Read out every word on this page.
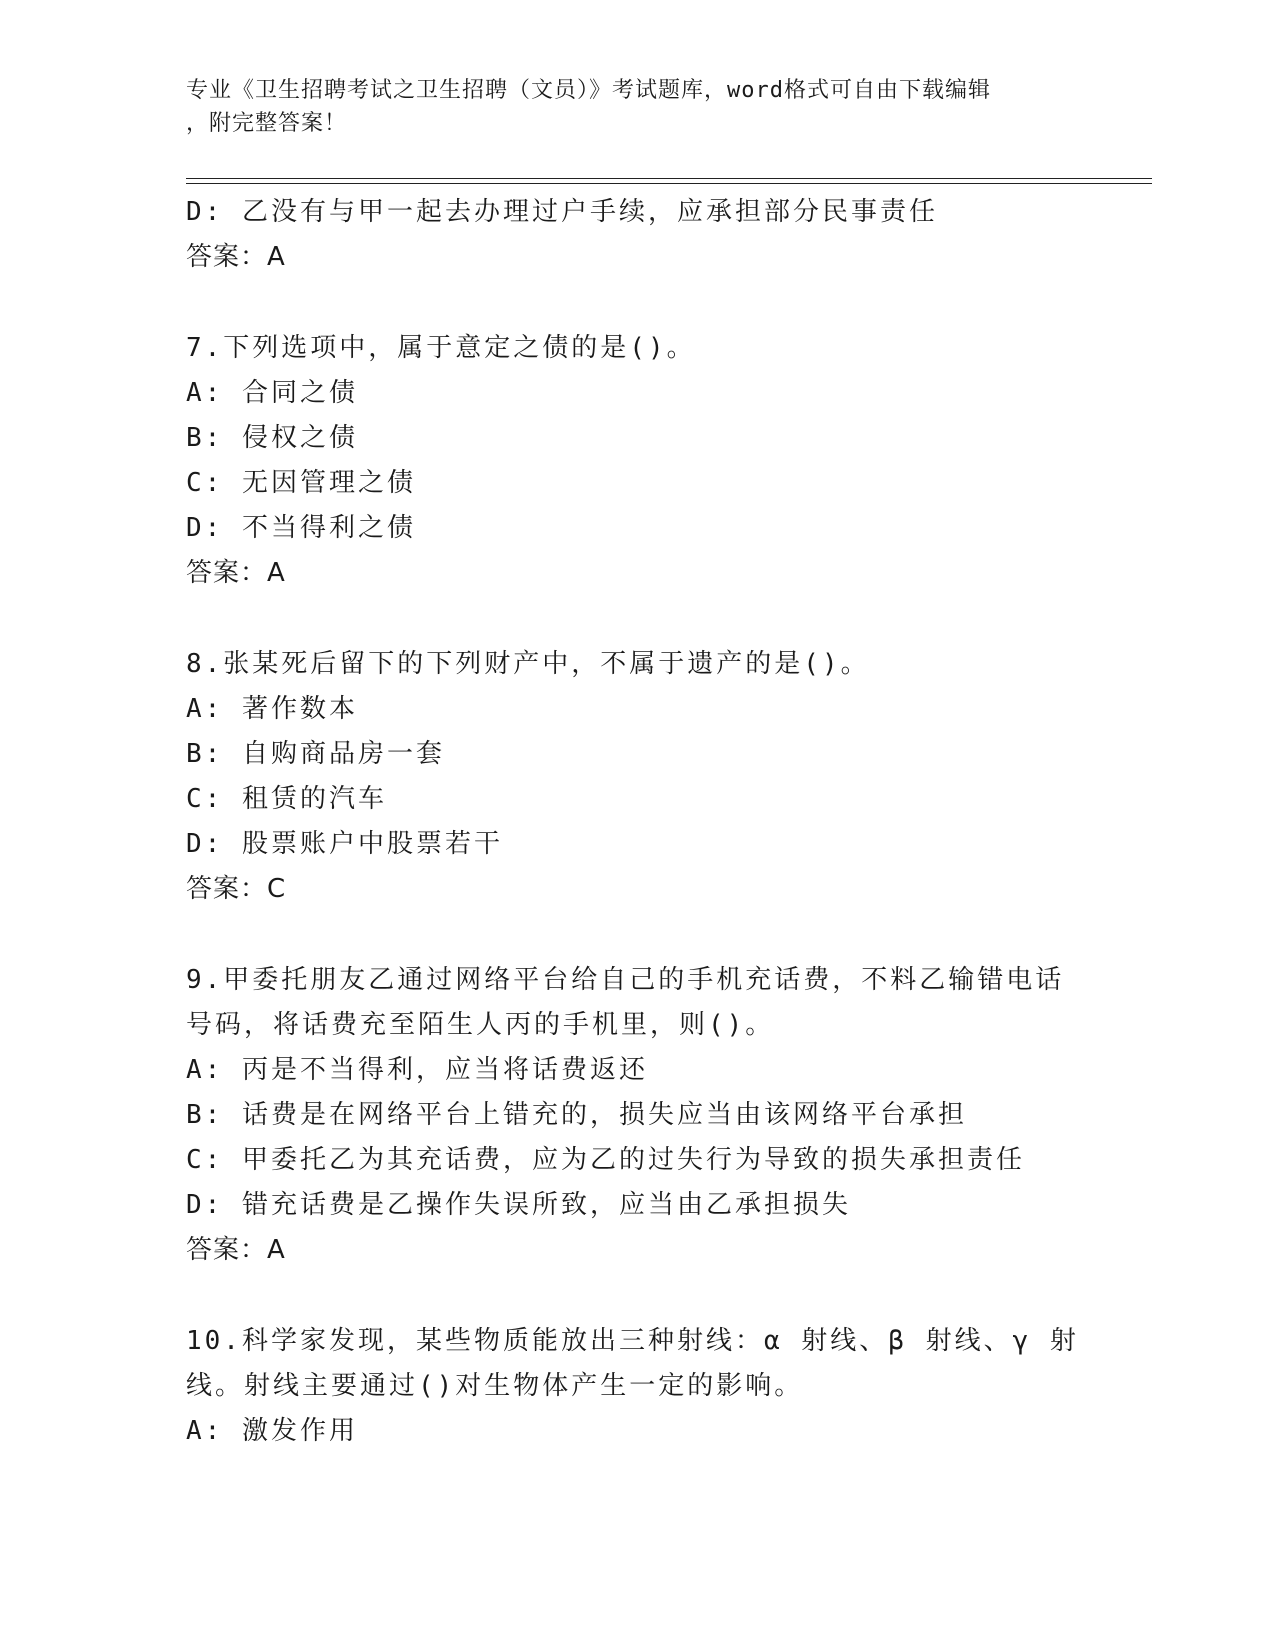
专业《卫生招聘考试之卫生招聘（文员）》考试题库，word格式可自由下载编辑
，附完整答案！
D: 乙没有与甲一起去办理过户手续，应承担部分民事责任
答案：A
7.下列选项中，属于意定之债的是()。
A: 合同之债
B: 侵权之债
C: 无因管理之债
D: 不当得利之债
答案：A
8.张某死后留下的下列财产中，不属于遗产的是()。
A: 著作数本
B: 自购商品房一套
C: 租赁的汽车
D: 股票账户中股票若干
答案：C
9.甲委托朋友乙通过网络平台给自己的手机充话费，不料乙输错电话
号码，将话费充至陌生人丙的手机里，则()。
A: 丙是不当得利，应当将话费返还
B: 话费是在网络平台上错充的，损失应当由该网络平台承担
C: 甲委托乙为其充话费，应为乙的过失行为导致的损失承担责任
D: 错充话费是乙操作失误所致，应当由乙承担损失
答案：A
10.科学家发现，某些物质能放出三种射线：α 射线、β 射线、γ 射
线。射线主要通过()对生物体产生一定的影响。
A: 激发作用
